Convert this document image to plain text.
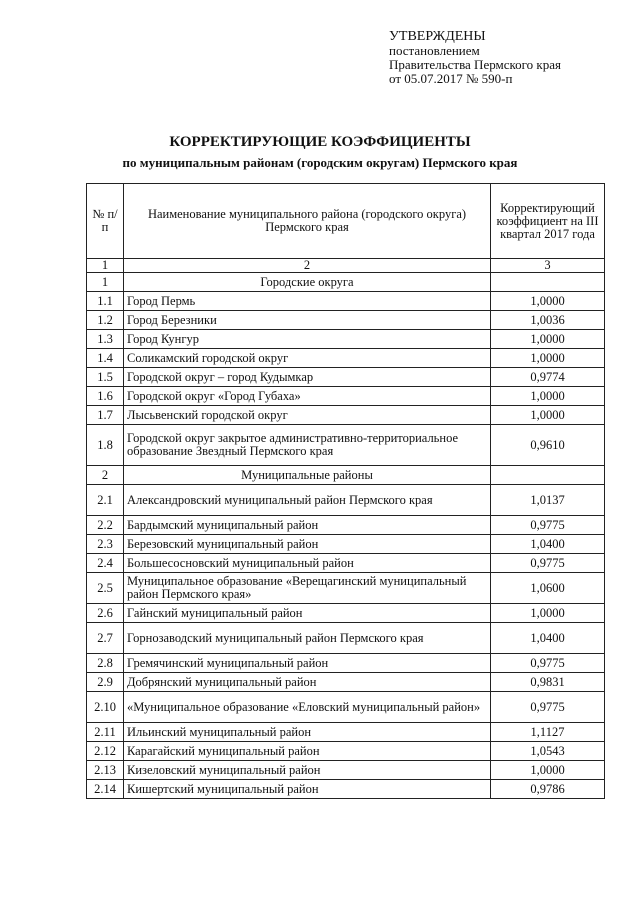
УТВЕРЖДЕНЫ
постановлением
Правительства Пермского края
от 05.07.2017 № 590-п
КОРРЕКТИРУЮЩИЕ КОЭФФИЦИЕНТЫ
по муниципальным районам (городским округам) Пермского края
№ п/п	Наименование муниципального района (городского округа) Пермского края	Корректирующий коэффициент на III квартал 2017 года
1	2	3
1	Городские округа	
1.1	Город Пермь	1,0000
1.2	Город Березники	1,0036
1.3	Город Кунгур	1,0000
1.4	Соликамский городской округ	1,0000
1.5	Городской округ – город Кудымкар	0,9774
1.6	Городской округ «Город Губаха»	1,0000
1.7	Лысьвенский городской округ	1,0000
1.8	Городской округ закрытое административно-территориальное образование Звездный Пермского края	0,9610
2	Муниципальные районы	
2.1	Александровский муниципальный район Пермского края	1,0137
2.2	Бардымский муниципальный район	0,9775
2.3	Березовский муниципальный район	1,0400
2.4	Большесосновский муниципальный район	0,9775
2.5	Муниципальное образование «Верещагинский муниципальный район Пермского края»	1,0600
2.6	Гайнский муниципальный район	1,0000
2.7	Горнозаводский муниципальный район Пермского края	1,0400
2.8	Гремячинский муниципальный район	0,9775
2.9	Добрянский муниципальный район	0,9831
2.10	«Муниципальное образование «Еловский муниципальный район»	0,9775
2.11	Ильинский муниципальный район	1,1127
2.12	Карагайский муниципальный район	1,0543
2.13	Кизеловский муниципальный район	1,0000
2.14	Кишертский муниципальный район	0,9786
